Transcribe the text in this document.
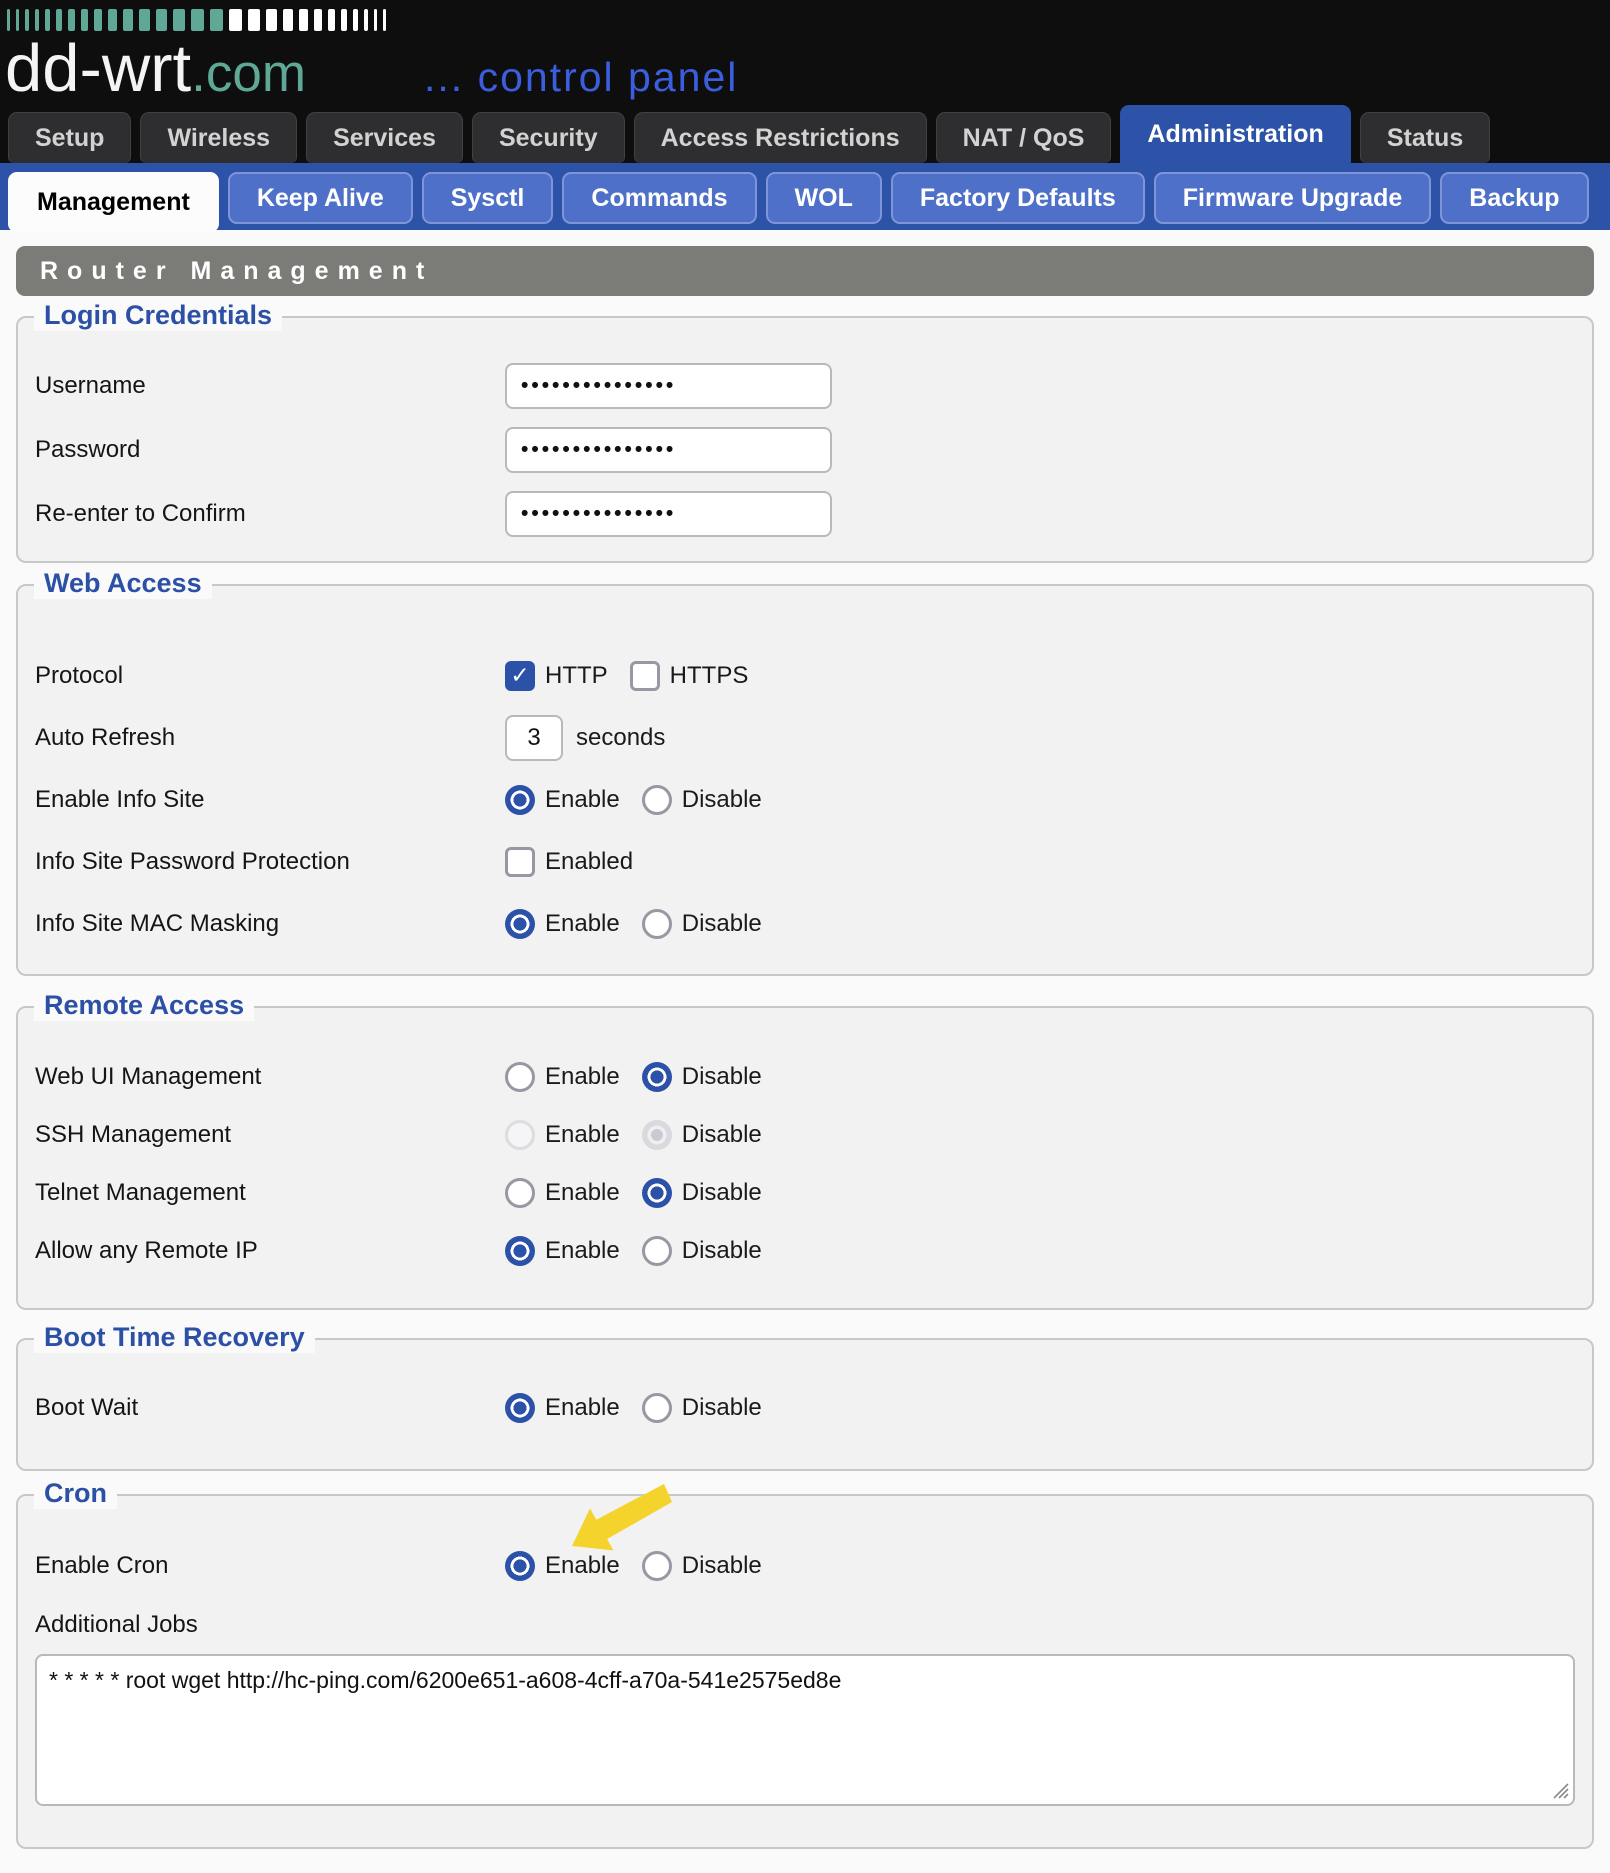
dd-wrt.com	... control panel
Setup	Wireless	Services	Security	Access Restrictions	NAT / QoS	Administration	Status
Management	Keep Alive	Sysctl	Commands	WOL	Factory Defaults	Firmware Upgrade	Backup
Router Management
Login Credentials
Username
•••••••••••••••
Password
•••••••••••••••
Re-enter to Confirm
•••••••••••••••
Web Access
Protocol ✓	HTTP	HTTPS
Auto Refresh
3	seconds
Enable Info Site	Enable	Disable
Info Site Password Protection	Enabled
Info Site MAC Masking	Enable	Disable
Remote Access
Web UI Management	Enable	Disable
SSH Management	Enable	Disable
Telnet Management	Enable	Disable
Allow any Remote IP	Enable	Disable
Boot Time Recovery
Boot Wait	Enable	Disable
Cron
Enable Cron	Enable	Disable
Additional Jobs
* * * * * root wget http://hc-ping.com/6200e651-a608-4cff-a70a-541e2575ed8e
